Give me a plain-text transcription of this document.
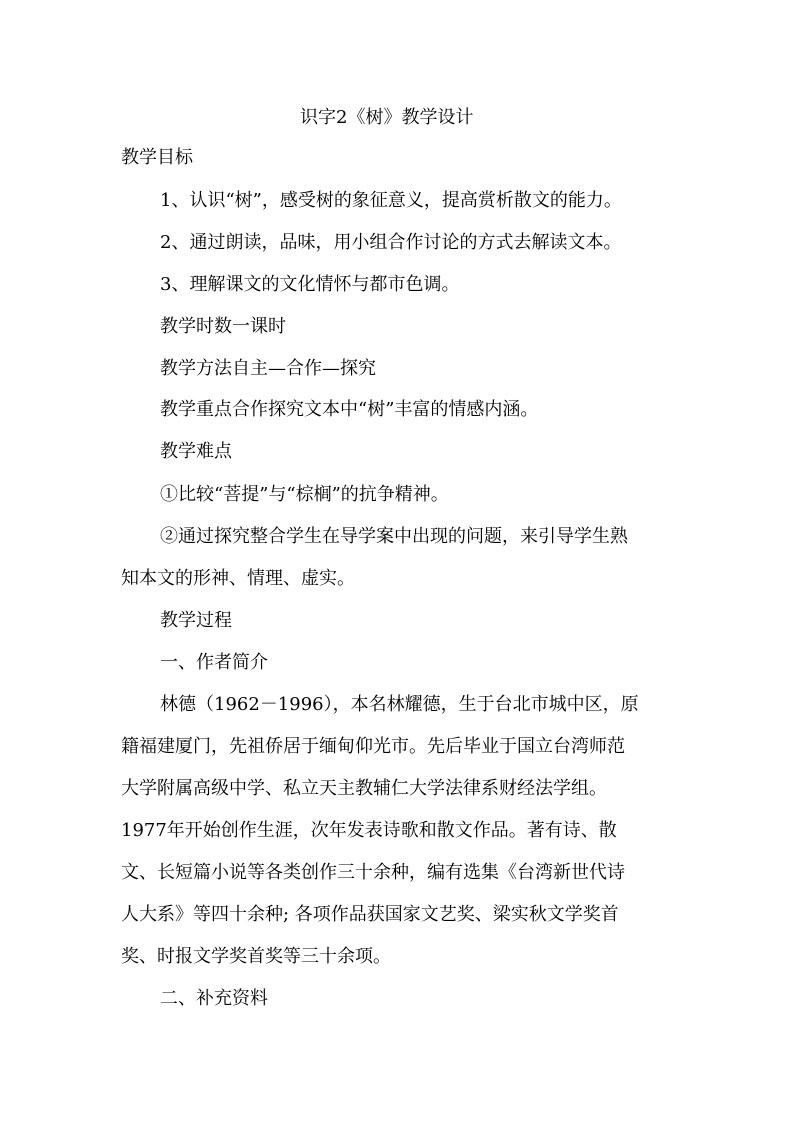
识字2《树》教学设计
教学目标
1、认识“树”，感受树的象征意义，提高赏析散文的能力。
2、通过朗读，品味，用小组合作讨论的方式去解读文本。
3、理解课文的文化情怀与都市色调。
教学时数一课时
教学方法自主—合作—探究
教学重点合作探究文本中“树”丰富的情感内涵。
教学难点
①比较“菩提”与“棕榈”的抗争精神。
②通过探究整合学生在导学案中出现的问题，来引导学生熟
知本文的形神、情理、虚实。
教学过程
一、作者简介
林德（1962－1996），本名林耀德，生于台北市城中区，原
籍福建厦门，先祖侨居于缅甸仰光市。先后毕业于国立台湾师范
大学附属高级中学、私立天主教辅仁大学法律系财经法学组。
1977年开始创作生涯，次年发表诗歌和散文作品。著有诗、散
文、长短篇小说等各类创作三十余种，编有选集《台湾新世代诗
人大系》等四十余种; 各项作品获国家文艺奖、梁实秋文学奖首
奖、时报文学奖首奖等三十余项。
二、补充资料
